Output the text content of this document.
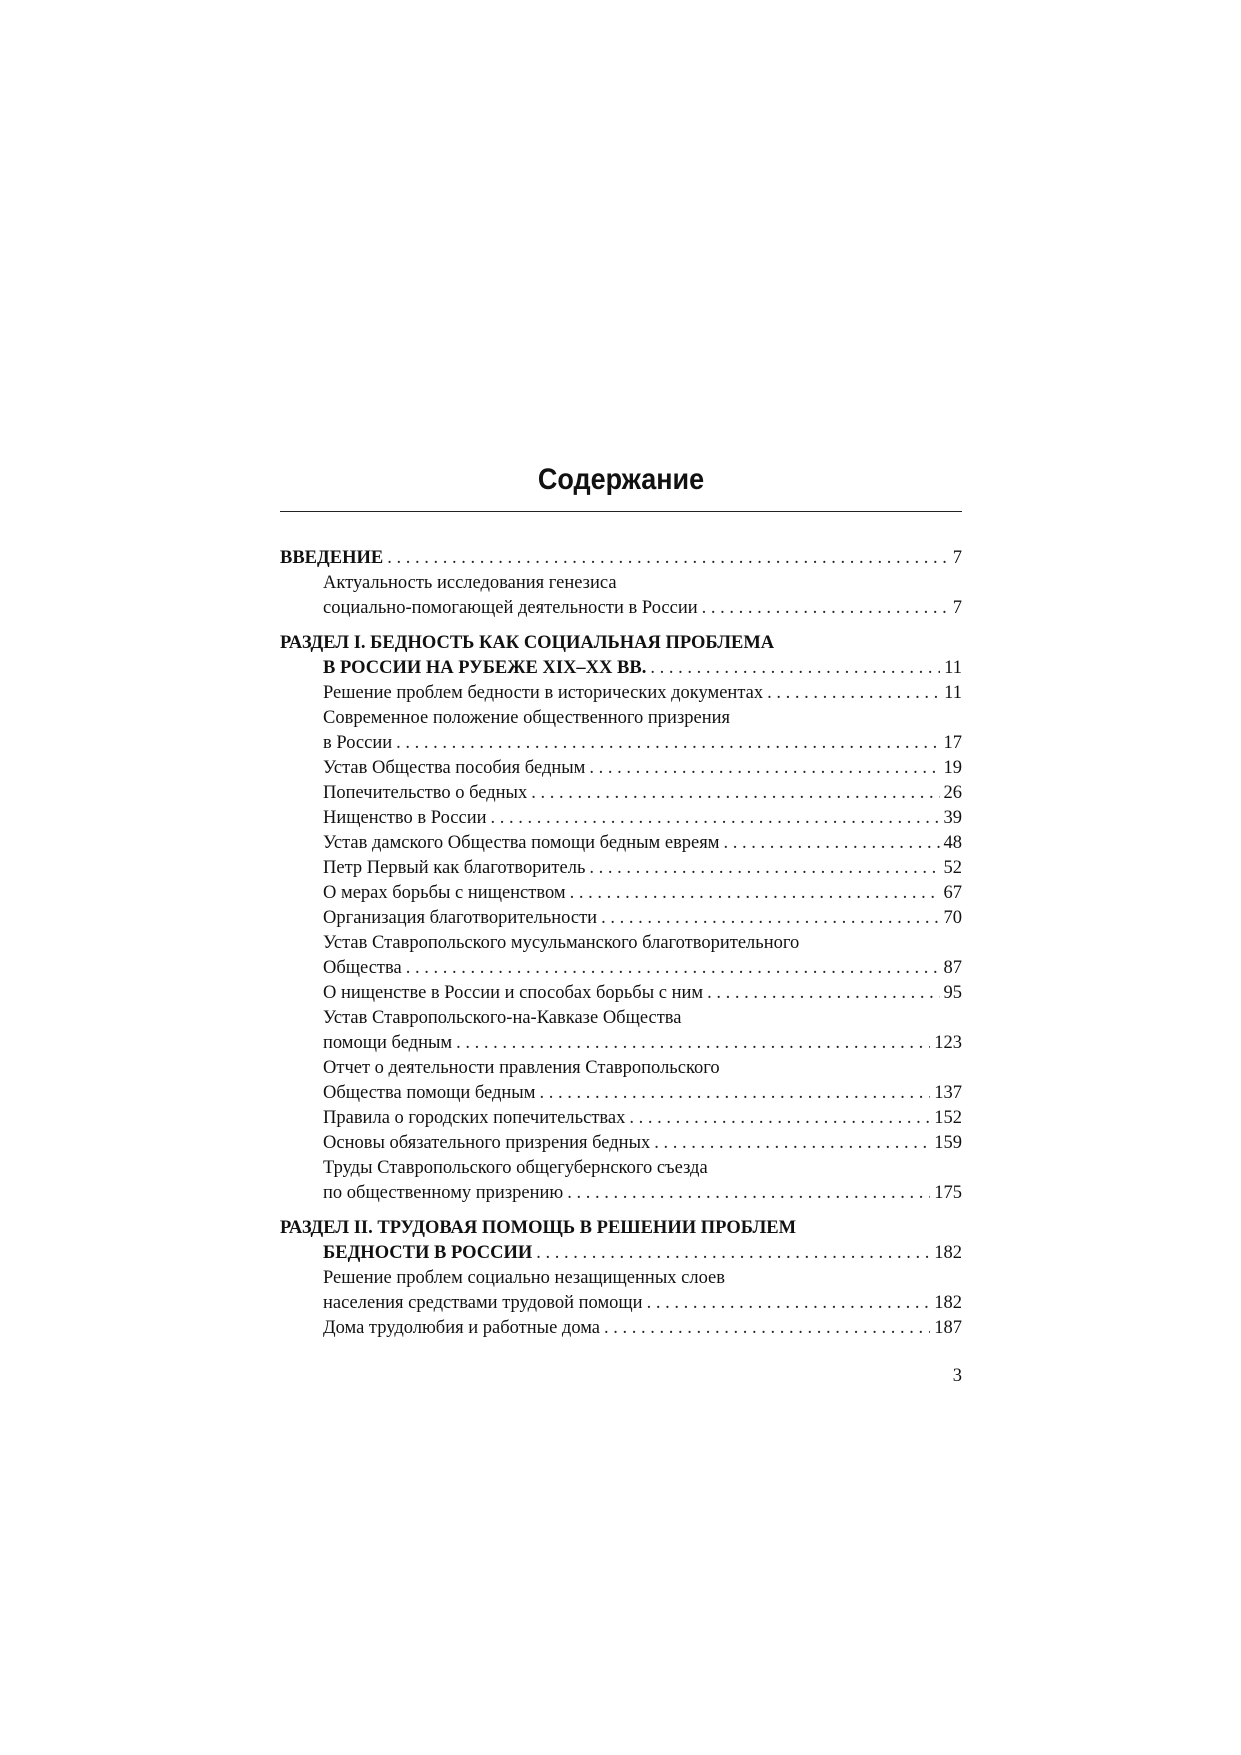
Содержание
ВВЕДЕНИЕ . . .	7
Актуальность исследования генезиса
социально-помогающей деятельности в России . . .	7
РАЗДЕЛ I. БЕДНОСТЬ КАК СОЦИАЛЬНАЯ ПРОБЛЕМА
В РОССИИ НА РУБЕЖЕ XIX–XX ВВ. . . .	11
Решение проблем бедности в исторических документах . . .	11
Современное положение общественного призрения
в России . . .	17
Устав Общества пособия бедным . . .	19
Попечительство о бедных . . .	26
Нищенство в России . . .	39
Устав дамского Общества помощи бедным евреям . . .	48
Петр Первый как благотворитель . . .	52
О мерах борьбы с нищенством . . .	67
Организация благотворительности . . .	70
Устав Ставропольского мусульманского благотворительного
Общества . . .	87
О нищенстве в России и способах борьбы с ним . . .	95
Устав Ставропольского-на-Кавказе Общества
помощи бедным . . .	123
Отчет о деятельности правления Ставропольского
Общества помощи бедным . . .	137
Правила о городских попечительствах . . .	152
Основы обязательного призрения бедных . . .	159
Труды Ставропольского общегубернского съезда
по общественному призрению . . .	175
РАЗДЕЛ II. ТРУДОВАЯ ПОМОЩЬ В РЕШЕНИИ ПРОБЛЕМ
БЕДНОСТИ В РОССИИ . . .	182
Решение проблем социально незащищенных слоев
населения средствами трудовой помощи . . .	182
Дома трудолюбия и работные дома . . .	187
3
